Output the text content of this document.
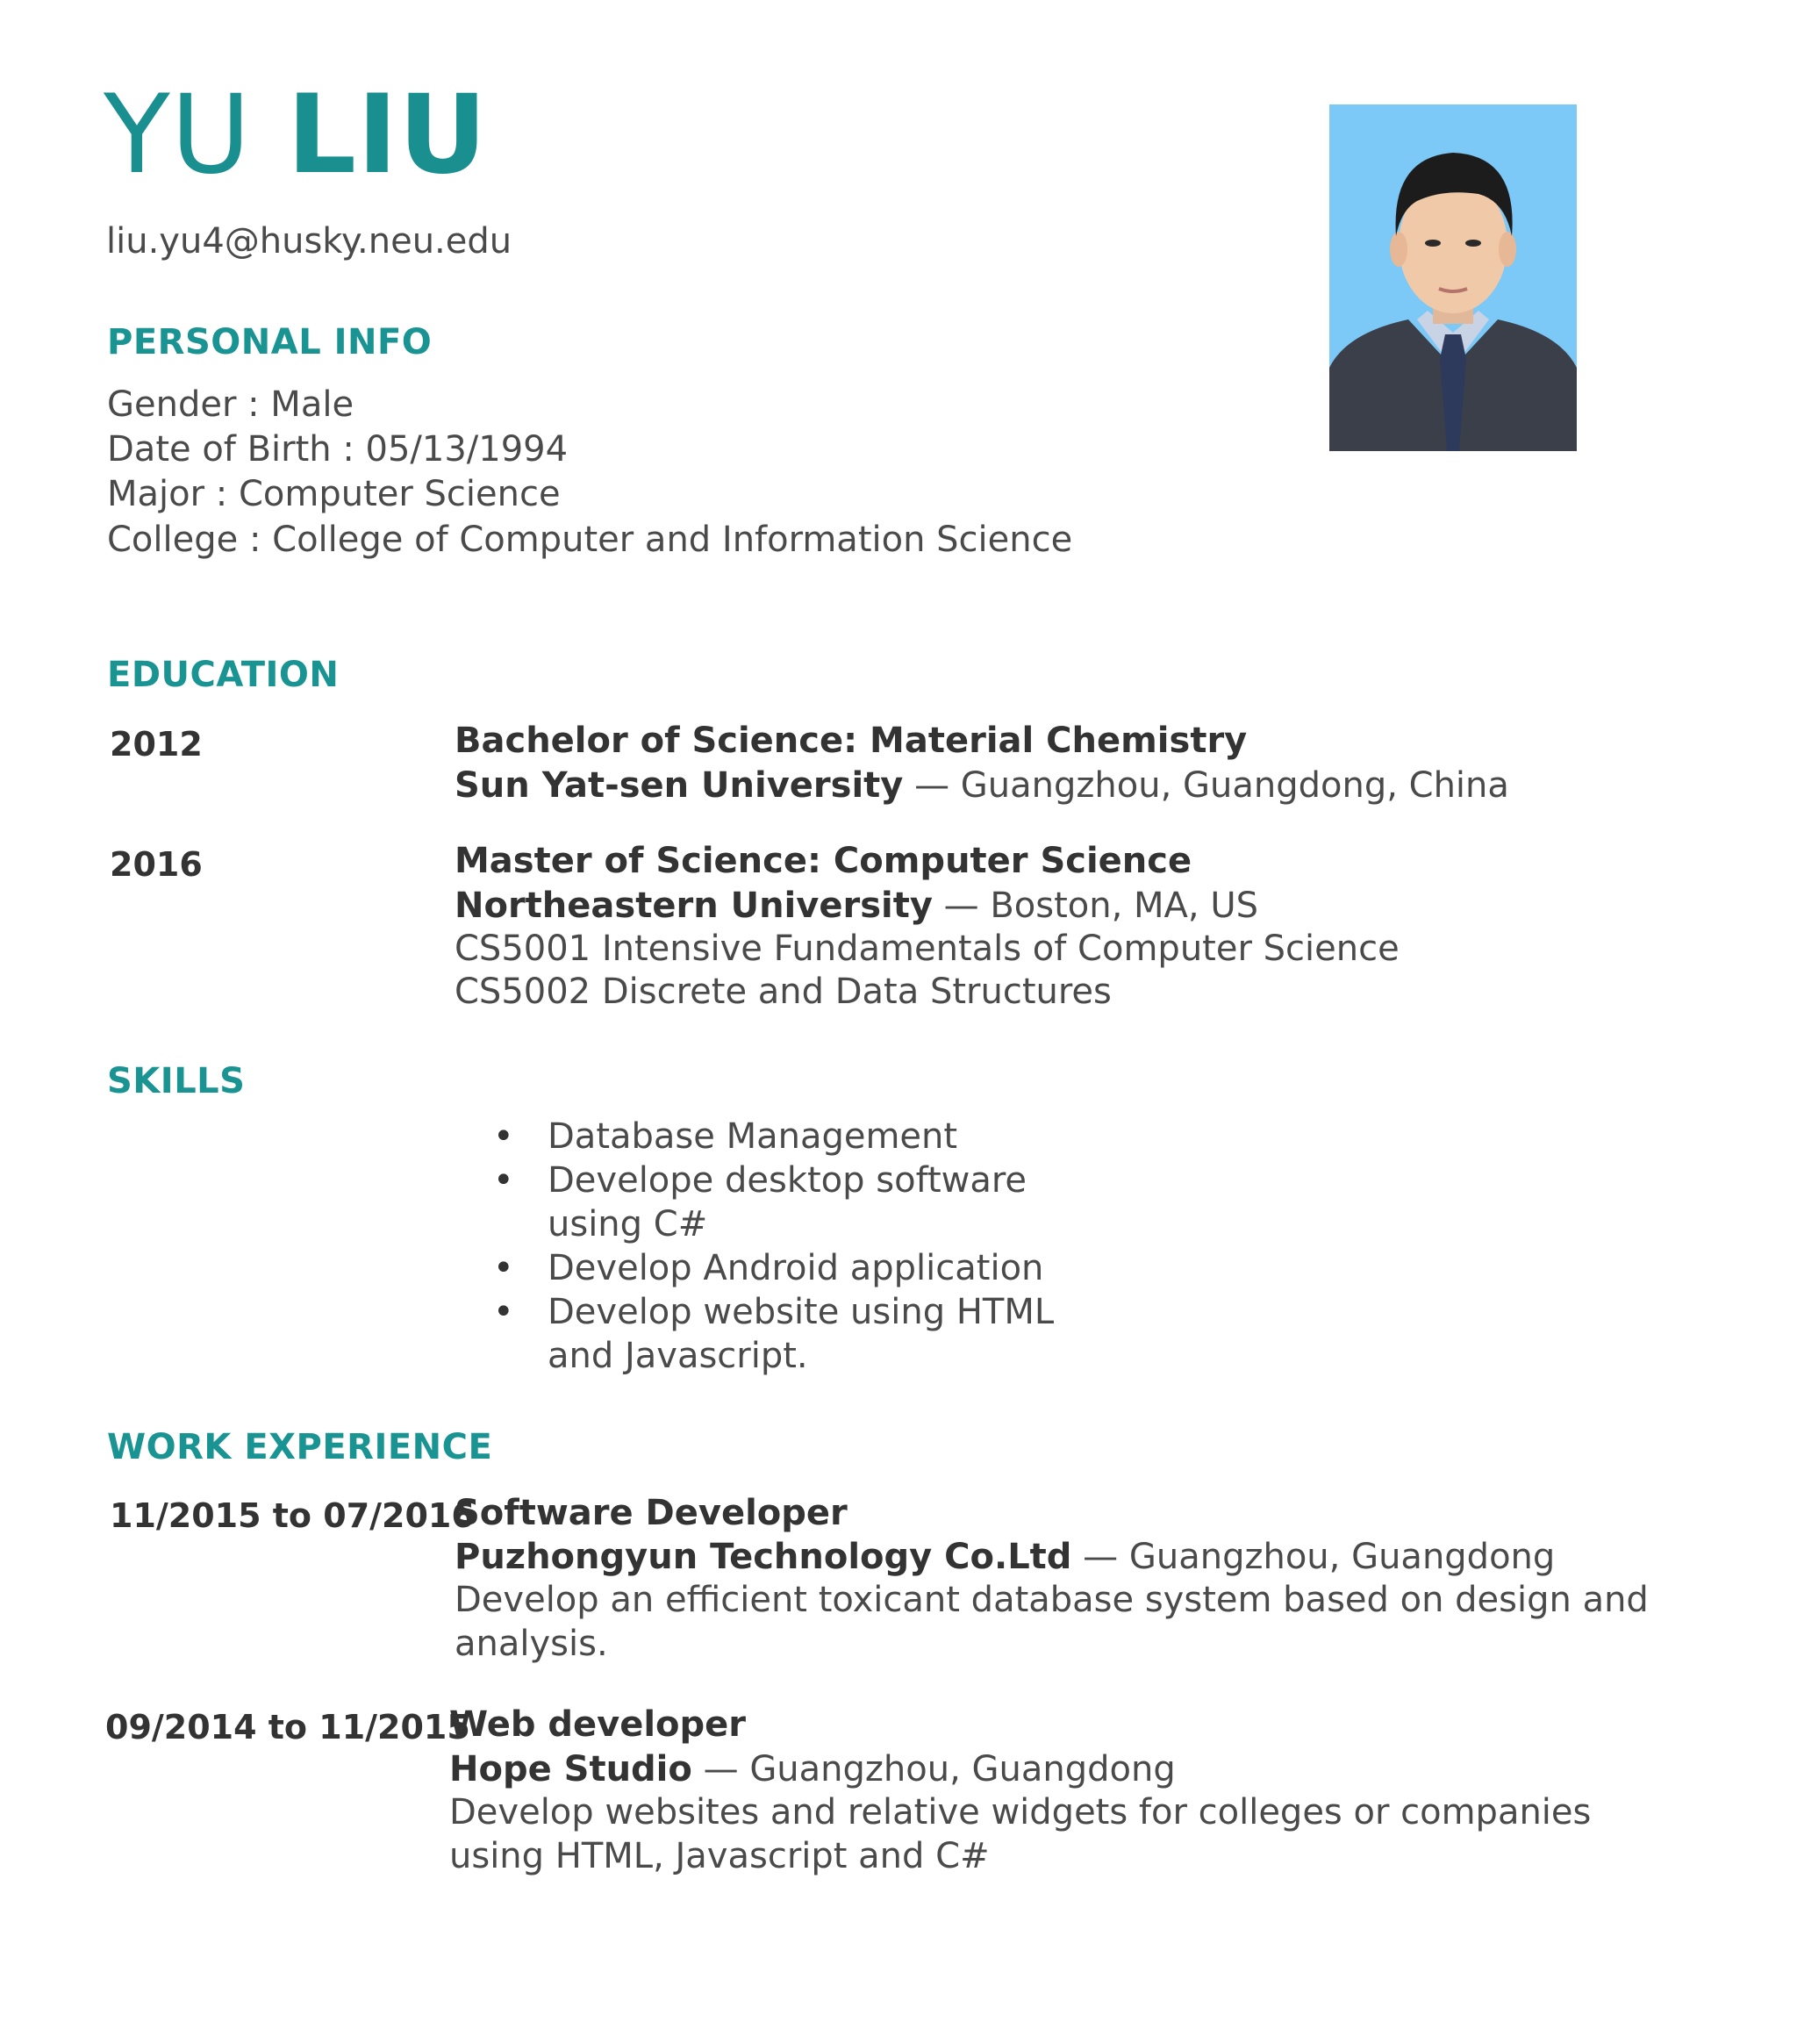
YU LIU
liu.yu4@husky.neu.edu
PERSONAL INFO
Gender : Male
Date of Birth : 05/13/1994
Major : Computer Science
College : College of Computer and Information Science
EDUCATION
2012	Bachelor of Science: Material Chemistry
Sun Yat-sen University — Guangzhou, Guangdong, China
2016	Master of Science: Computer Science
Northeastern University — Boston, MA, US
CS5001 Intensive Fundamentals of Computer Science
CS5002 Discrete and Data Structures
SKILLS
• Database Management
• Develope desktop software using C#
• Develop Android application
• Develop website using HTML and Javascript.
WORK EXPERIENCE
11/2015 to 07/2016
Software Developer
Puzhongyun Technology Co.Ltd — Guangzhou, Guangdong
Develop an efficient toxicant database system based on design and
analysis.
09/2014 to 11/2015
Web developer
Hope Studio — Guangzhou, Guangdong
Develop websites and relative widgets for colleges or companies
using HTML, Javascript and C#
